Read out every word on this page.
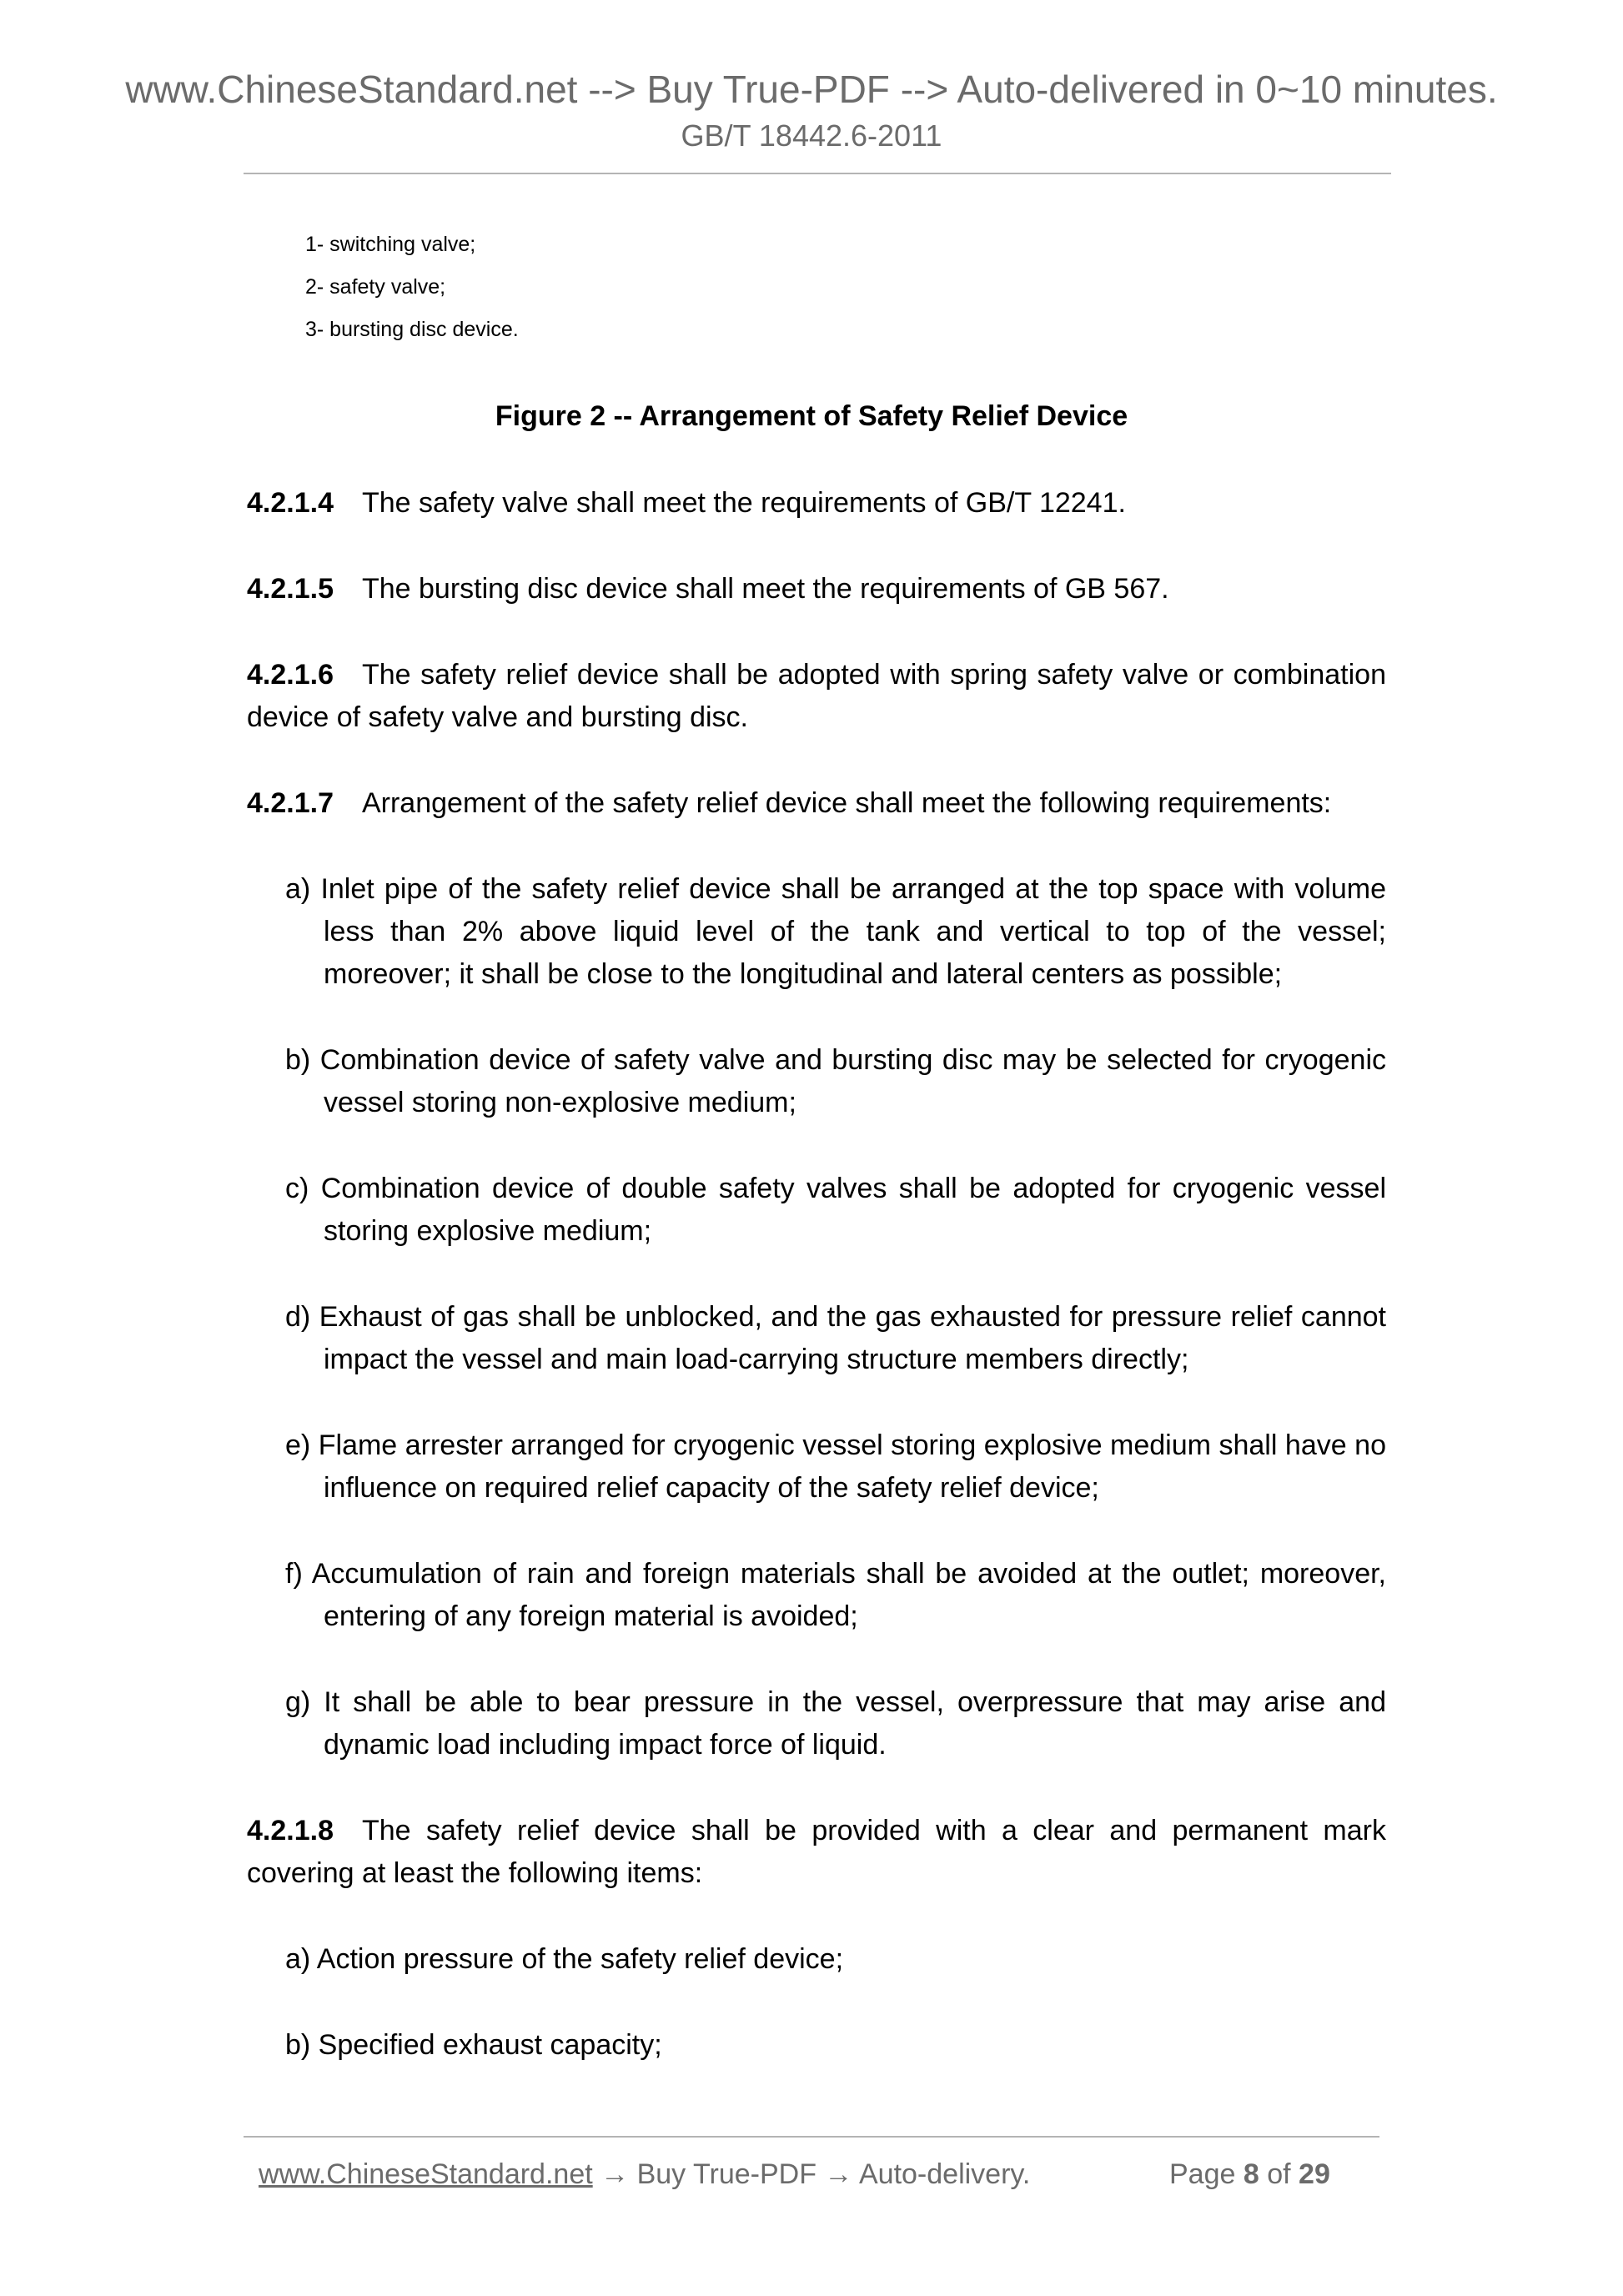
www.ChineseStandard.net --> Buy True-PDF --> Auto-delivered in 0~10 minutes.
GB/T 18442.6-2011
1- switching valve;
2- safety valve;
3- bursting disc device.
Figure 2 -- Arrangement of Safety Relief Device
4.2.1.4 The safety valve shall meet the requirements of GB/T 12241.
4.2.1.5 The bursting disc device shall meet the requirements of GB 567.
4.2.1.6 The safety relief device shall be adopted with spring safety valve or combination device of safety valve and bursting disc.
4.2.1.7 Arrangement of the safety relief device shall meet the following requirements:
a) Inlet pipe of the safety relief device shall be arranged at the top space with volume less than 2% above liquid level of the tank and vertical to top of the vessel; moreover; it shall be close to the longitudinal and lateral centers as possible;
b) Combination device of safety valve and bursting disc may be selected for cryogenic vessel storing non-explosive medium;
c) Combination device of double safety valves shall be adopted for cryogenic vessel storing explosive medium;
d) Exhaust of gas shall be unblocked, and the gas exhausted for pressure relief cannot impact the vessel and main load-carrying structure members directly;
e) Flame arrester arranged for cryogenic vessel storing explosive medium shall have no influence on required relief capacity of the safety relief device;
f) Accumulation of rain and foreign materials shall be avoided at the outlet; moreover, entering of any foreign material is avoided;
g) It shall be able to bear pressure in the vessel, overpressure that may arise and dynamic load including impact force of liquid.
4.2.1.8 The safety relief device shall be provided with a clear and permanent mark covering at least the following items:
a) Action pressure of the safety relief device;
b) Specified exhaust capacity;
www.ChineseStandard.net → Buy True-PDF → Auto-delivery.	Page 8 of 29
